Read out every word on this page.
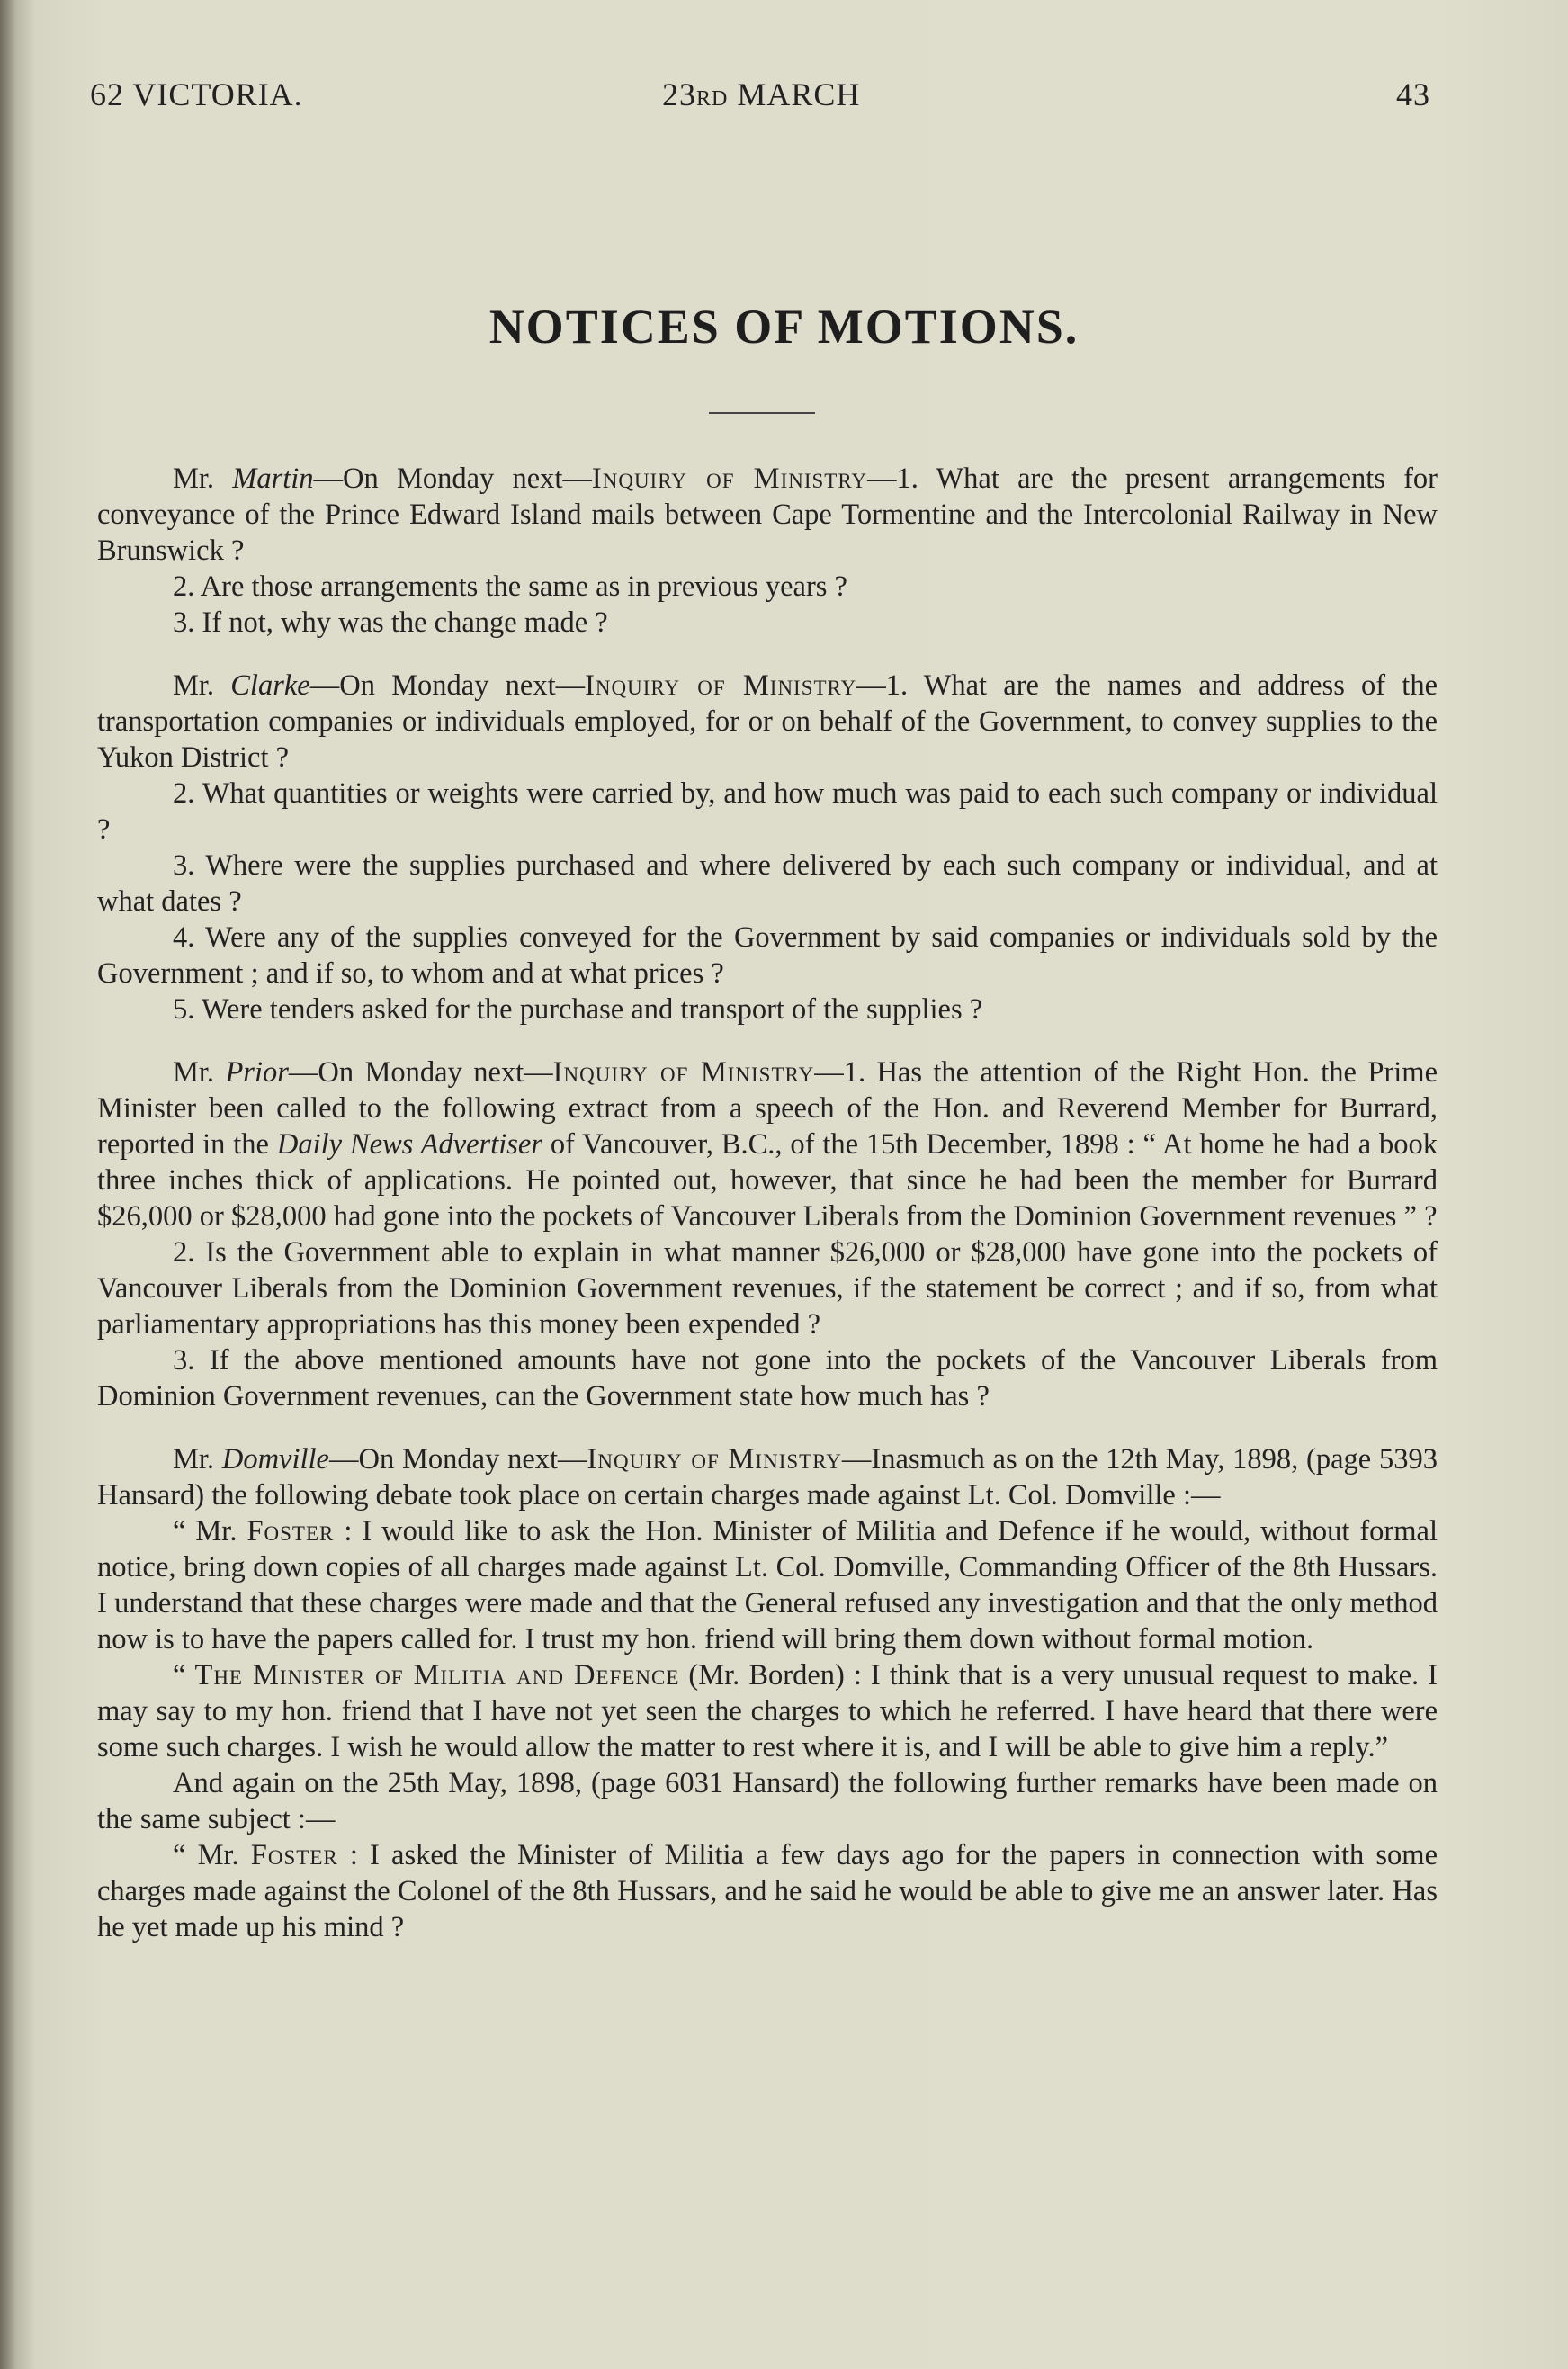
62 VICTORIA.	23RD MARCH	43
NOTICES OF MOTIONS.

Mr. Martin—On Monday next—Inquiry of Ministry—1. What are the present arrangements for conveyance of the Prince Edward Island mails between Cape Tormentine and the Intercolonial Railway in New Brunswick ?

2. Are those arrangements the same as in previous years ?

3. If not, why was the change made ?

Mr. Clarke—On Monday next—Inquiry of Ministry—1. What are the names and address of the transportation companies or individuals employed, for or on behalf of the Government, to convey supplies to the Yukon District ?

2. What quantities or weights were carried by, and how much was paid to each such company or individual ?

3. Where were the supplies purchased and where delivered by each such company or individual, and at what dates ?

4. Were any of the supplies conveyed for the Government by said companies or individuals sold by the Government ; and if so, to whom and at what prices ?

5. Were tenders asked for the purchase and transport of the supplies ?

Mr. Prior—On Monday next—Inquiry of Ministry—1. Has the attention of the Right Hon. the Prime Minister been called to the following extract from a speech of the Hon. and Reverend Member for Burrard, reported in the Daily News Advertiser of Vancouver, B.C., of the 15th December, 1898 : “ At home he had a book three inches thick of applications. He pointed out, however, that since he had been the member for Burrard $26,000 or $28,000 had gone into the pockets of Vancouver Liberals from the Dominion Government revenues ” ?

2. Is the Government able to explain in what manner $26,000 or $28,000 have gone into the pockets of Vancouver Liberals from the Dominion Government revenues, if the statement be correct ; and if so, from what parliamentary appropriations has this money been expended ?

3. If the above mentioned amounts have not gone into the pockets of the Vancouver Liberals from Dominion Government revenues, can the Government state how much has ?

Mr. Domville—On Monday next—Inquiry of Ministry—Inasmuch as on the 12th May, 1898, (page 5393 Hansard) the following debate took place on certain charges made against Lt. Col. Domville :—

“ Mr. Foster : I would like to ask the Hon. Minister of Militia and Defence if he would, without formal notice, bring down copies of all charges made against Lt. Col. Domville, Commanding Officer of the 8th Hussars. I understand that these charges were made and that the General refused any investigation and that the only method now is to have the papers called for. I trust my hon. friend will bring them down without formal motion.

“ The Minister of Militia and Defence (Mr. Borden) : I think that is a very unusual request to make. I may say to my hon. friend that I have not yet seen the charges to which he referred. I have heard that there were some such charges. I wish he would allow the matter to rest where it is, and I will be able to give him a reply.”

And again on the 25th May, 1898, (page 6031 Hansard) the following further remarks have been made on the same subject :—

“ Mr. Foster : I asked the Minister of Militia a few days ago for the papers in connection with some charges made against the Colonel of the 8th Hussars, and he said he would be able to give me an answer later. Has he yet made up his mind ?
